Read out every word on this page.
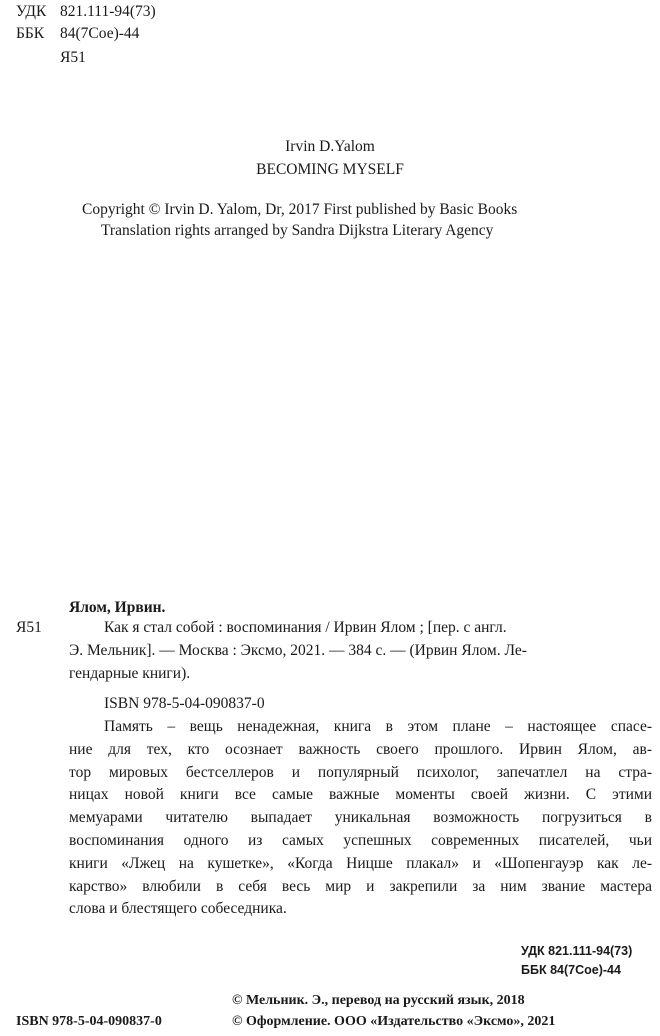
УДК 821.111-94(73)
ББК 84(7Сое)-44
Я51
Irvin D.Yalom
BECOMING MYSELF
Copyright © Irvin D. Yalom, Dr, 2017 First published by Basic Books
Translation rights arranged by Sandra Dijkstra Literary Agency
Ялом, Ирвин.
Я51	Как я стал собой : воспоминания / Ирвин Ялом ; [пер. с англ.
Э. Мельник]. — Москва : Эксмо, 2021. — 384 с. — (Ирвин Ялом. Ле-
гендарные книги).
ISBN 978-5-04-090837-0
Память – вещь ненадежная, книга в этом плане – настоящее спасе-
ние для тех, кто осознает важность своего прошлого. Ирвин Ялом, ав-
тор мировых бестселлеров и популярный психолог, запечатлел на стра-
ницах новой книги все самые важные моменты своей жизни. С этими
мемуарами читателю выпадает уникальная возможность погрузиться в
воспоминания одного из самых успешных современных писателей, чьи
книги «Лжец на кушетке», «Когда Ницше плакал» и «Шопенгауэр как ле-
карство» влюбили в себя весь мир и закрепили за ним звание мастера
слова и блестящего собеседника.
УДК 821.111-94(73)
ББК 84(7Сое)-44
© Мельник. Э., перевод на русский язык, 2018
ISBN 978-5-04-090837-0	© Оформление. ООО «Издательство «Эксмо», 2021
